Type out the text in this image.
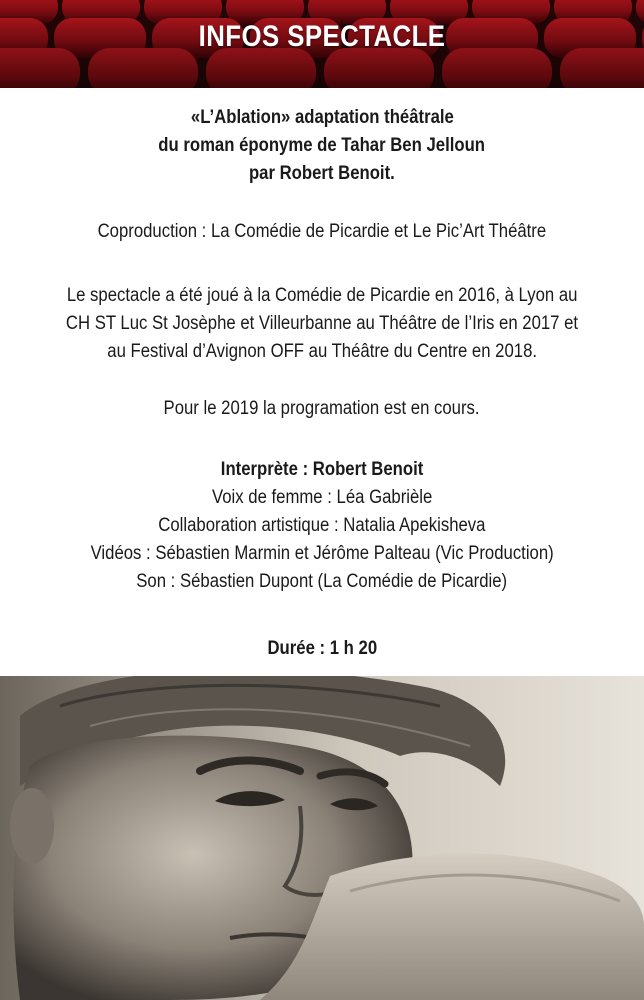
INFOS SPECTACLE

«L’Ablation» adaptation théâtrale

du roman éponyme de Tahar Ben Jelloun

par Robert Benoit.

Coproduction : La Comédie de Picardie et Le Pic’Art Théâtre

Le spectacle a été joué à la Comédie de Picardie en 2016, à Lyon au

CH ST Luc St Josèphe et Villeurbanne au Théâtre de l’Iris en 2017 et

au Festival d’Avignon OFF au Théâtre du Centre en 2018.

Pour le 2019 la programation est en cours.

Interprète : Robert Benoit

Voix de femme : Léa Gabrièle

Collaboration artistique : Natalia Apekisheva

Vidéos : Sébastien Marmin et Jérôme Palteau (Vic Production)

Son : Sébastien Dupont (La Comédie de Picardie)

Durée : 1 h 20
